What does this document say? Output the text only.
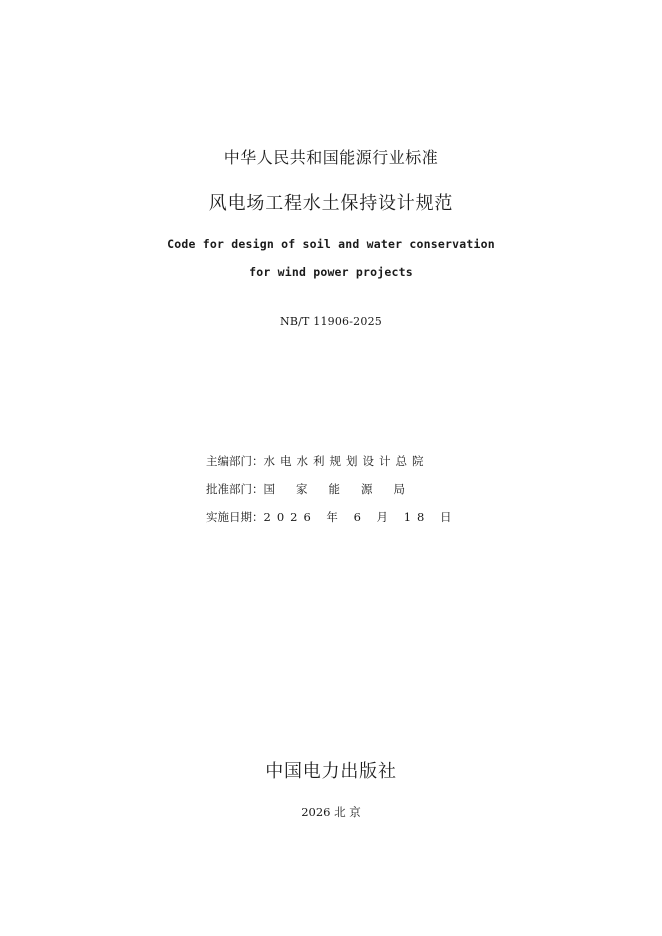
中华人民共和国能源行业标准
风电场工程水土保持设计规范
Code for design of soil and water conservation
for wind power projects
NB/T 11906-2025
主编部门：水电水利规划设计总院
批准部门：国家能源局
实施日期：2026 年 6 月 18 日
中国电力出版社
2026 北 京
